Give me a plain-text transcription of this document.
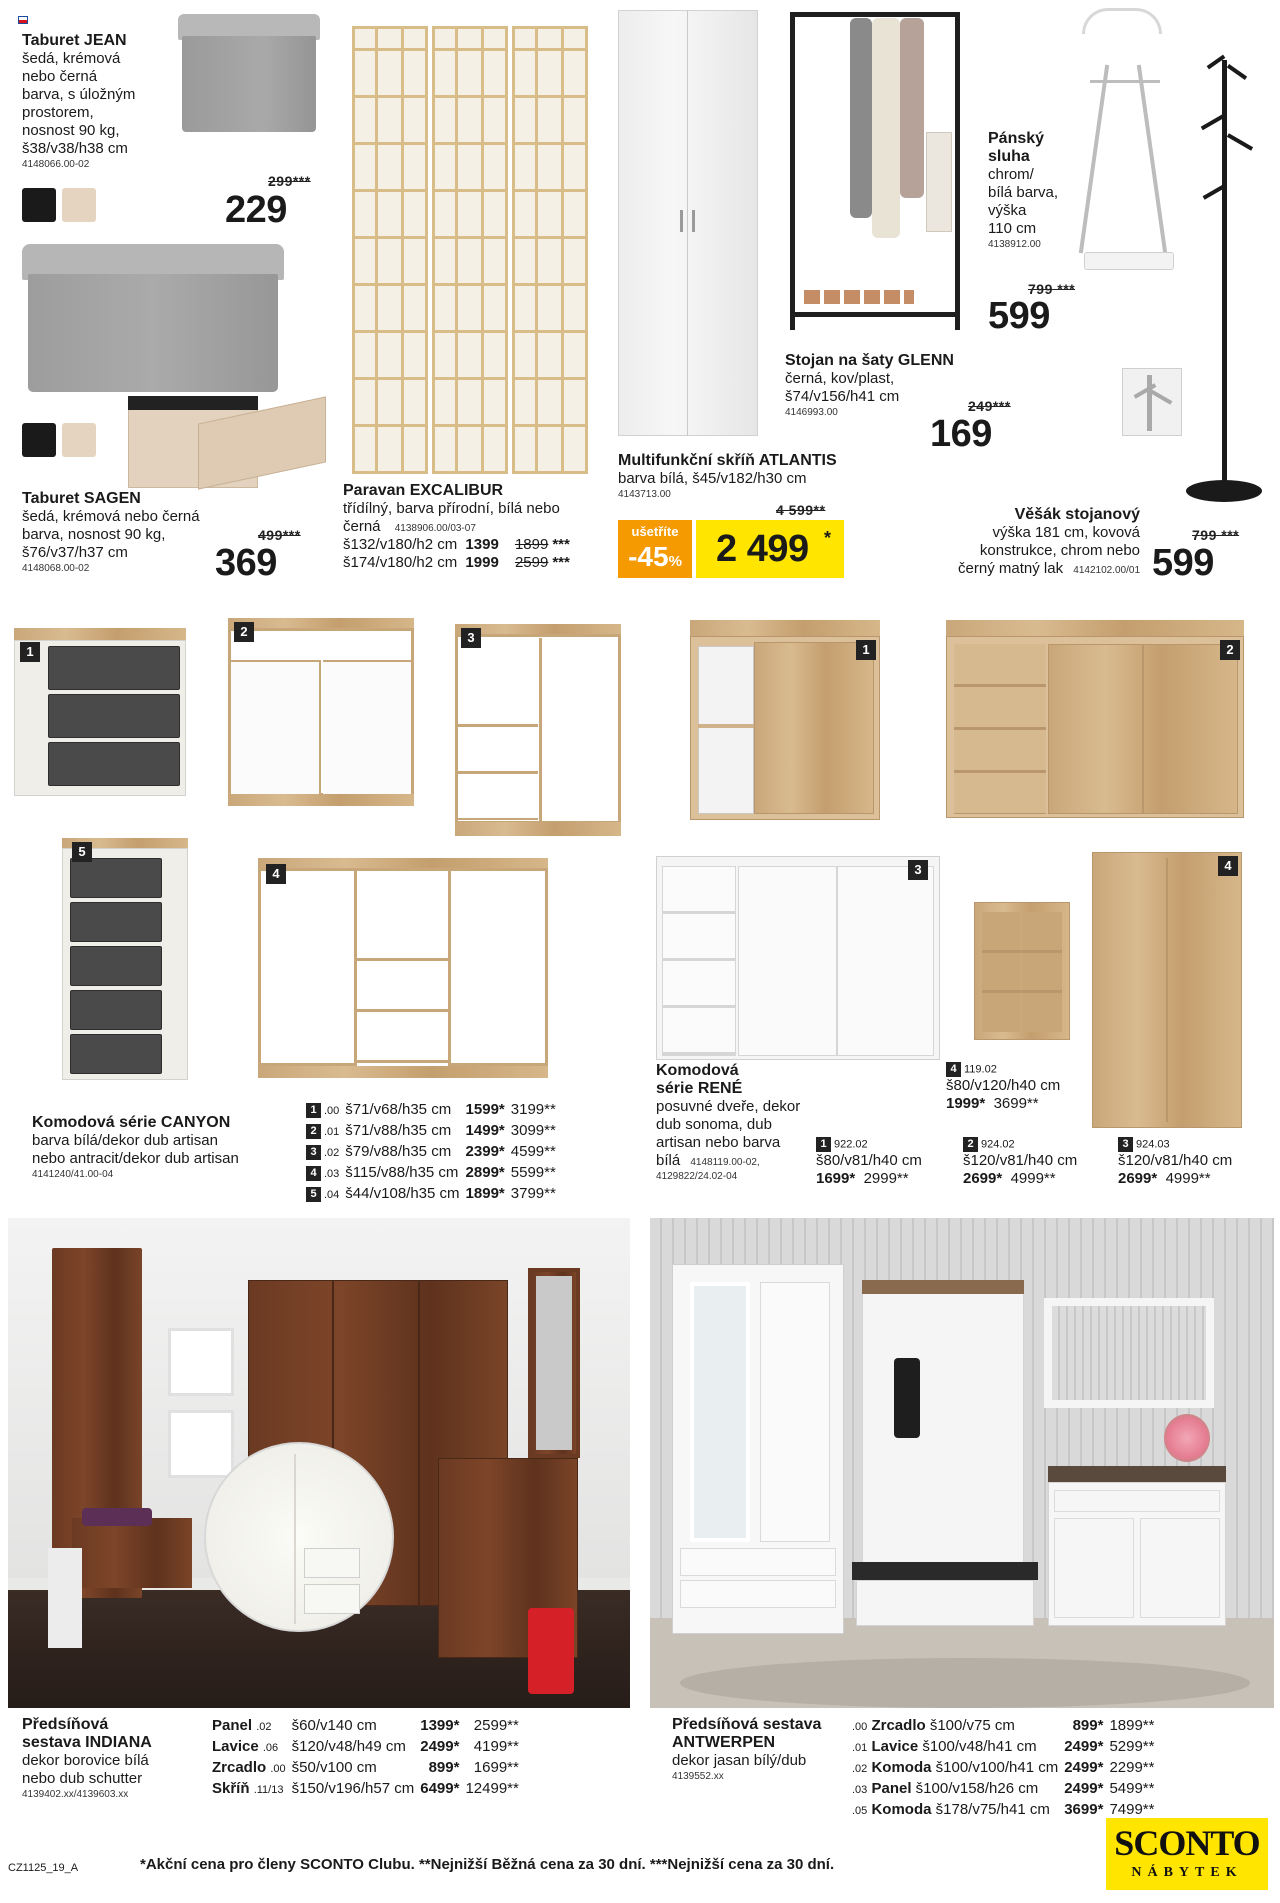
Taburet JEAN
šedá, krémová
nebo černá
barva, s úložným
prostorem,
nosnost 90 kg,
š38/v38/h38 cm
4148066.00-02
299***
229
Taburet SAGEN
šedá, krémová nebo černá
barva, nosnost 90 kg,
š76/v37/h37 cm
4148068.00-02
499***
369
Paravan EXCALIBUR
třídílný, barva přírodní, bílá nebo
černá 4138906.00/03-07
š132/v180/h2 cm 1399 1899 ***
š174/v180/h2 cm 1999 2599 ***
Multifunkční skříň ATLANTIS
barva bílá, š45/v182/h30 cm
4143713.00
4 599**
ušetříte
-45% 2 499 *
Stojan na šaty GLENN
černá, kov/plast,
š74/v156/h41 cm
4146993.00	249***
169
Pánský
sluha
chrom/
bílá barva,
výška
110 cm
4138912.00
799 ***
599
Věšák stojanový
výška 181 cm, kovová
konstrukce, chrom nebo
černý matný lak 4142102.00/01
799 ***
599
1
2	3
4
5
Komodová série CANYON
barva bílá/dekor dub artisan
nebo antracit/dekor dub artisan
4141240/41.00-04
1 .00	š71/v68/h35 cm	1599*	3199**
2 .01	š71/v88/h35 cm	1499*	3099**
3 .02	š79/v88/h35 cm	2399*	4599**
4 .03	š115/v88/h35 cm	2899*	5599**
5 .04	š44/v108/h35 cm	1899*	3799**
1	2
3	4
Komodová
série RENÉ
posuvné dveře, dekor
dub sonoma, dub
artisan nebo barva
bílá 4148119.00-02,
4129822/24.02-04
4 119.02
š80/v120/h40 cm
1999* 3699**
1 922.02
š80/v81/h40 cm
1699* 2999**
2 924.02
š120/v81/h40 cm
2699* 4999**
3 924.03
š120/v81/h40 cm
2699* 4999**
Předsíňová
sestava INDIANA
dekor borovice bílá
nebo dub schutter
4139402.xx/4139603.xx
Panel .02	š60/v140 cm	1399*	2599**
Lavice .06	š120/v48/h49 cm	2499*	4199**
Zrcadlo .00	š50/v100 cm	899*	1699**
Skříň .11/13	š150/v196/h57 cm	6499*	12499**
Předsíňová sestava
ANTWERPEN
dekor jasan bílý/dub
4139552.xx
.00 Zrcadlo š100/v75 cm	899*	1899**
.01 Lavice š100/v48/h41 cm	2499*	5299**
.02 Komoda š100/v100/h41 cm	2499*	2299**
.03 Panel š100/v158/h26 cm	2499*	5499**
.05 Komoda š178/v75/h41 cm	3699*	7499**
CZ1125_19_A	*Akční cena pro členy SCONTO Clubu. **Nejnižší Běžná cena za 30 dní. ***Nejnižší cena za 30 dní.
SCONTO
NÁBYTEK
